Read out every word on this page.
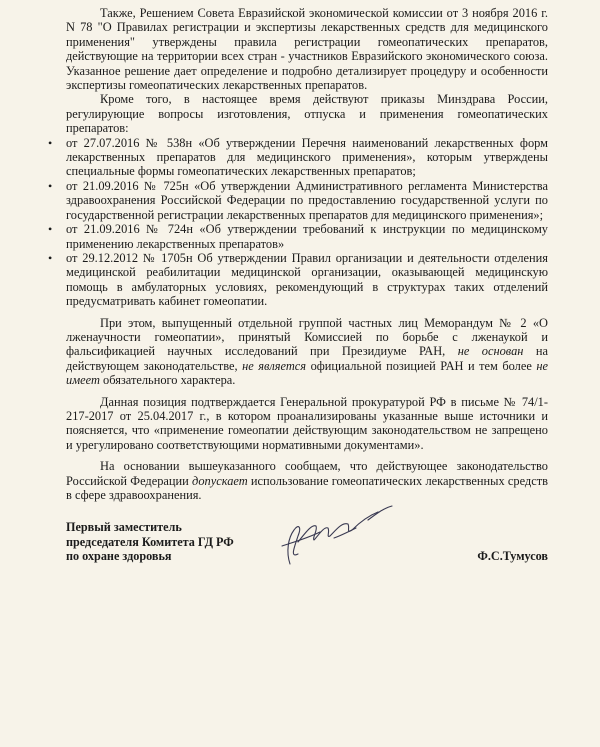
Также, Решением Совета Евразийской экономической комиссии от 3 ноября 2016 г. N 78 "О Правилах регистрации и экспертизы лекарственных средств для медицинского применения" утверждены правила регистрации гомеопатических препаратов, действующие на территории всех стран - участников Евразийского экономического союза. Указанное решение дает определение и подробно детализирует процедуру и особенности экспертизы гомеопатических лекарственных препаратов.

Кроме того, в настоящее время действуют приказы Минздрава России, регулирующие вопросы изготовления, отпуска и применения гомеопатических препаратов:

• от 27.07.2016 № 538н «Об утверждении Перечня наименований лекарственных форм лекарственных препаратов для медицинского применения», которым утверждены специальные формы гомеопатических лекарственных препаратов;
• от 21.09.2016 № 725н «Об утверждении Административного регламента Министерства здравоохранения Российской Федерации по предоставлению государственной услуги по государственной регистрации лекарственных препаратов для медицинского применения»;
• от 21.09.2016 № 724н «Об утверждении требований к инструкции по медицинскому применению лекарственных препаратов»
• от 29.12.2012 № 1705н Об утверждении Правил организации и деятельности отделения медицинской реабилитации медицинской организации, оказывающей медицинскую помощь в амбулаторных условиях, рекомендующий в структурах таких отделений предусматривать кабинет гомеопатии.

При этом, выпущенный отдельной группой частных лиц Меморандум № 2 «О лженаучности гомеопатии», принятый Комиссией по борьбе с лженаукой и фальсификацией научных исследований при Президиуме РАН, не основан на действующем законодательстве, не является официальной позицией РАН и тем более не имеет обязательного характера.

Данная позиция подтверждается Генеральной прокуратурой РФ в письме № 74/1-217-2017 от 25.04.2017 г., в котором проанализированы указанные выше источники и поясняется, что «применение гомеопатии действующим законодательством не запрещено и урегулировано соответствующими нормативными документами».

На основании вышеуказанного сообщаем, что действующее законодательство Российской Федерации допускает использование гомеопатических лекарственных средств в сфере здравоохранения.

Первый заместитель
председателя Комитета ГД РФ
по охране здоровья	Ф.С.Тумусов
